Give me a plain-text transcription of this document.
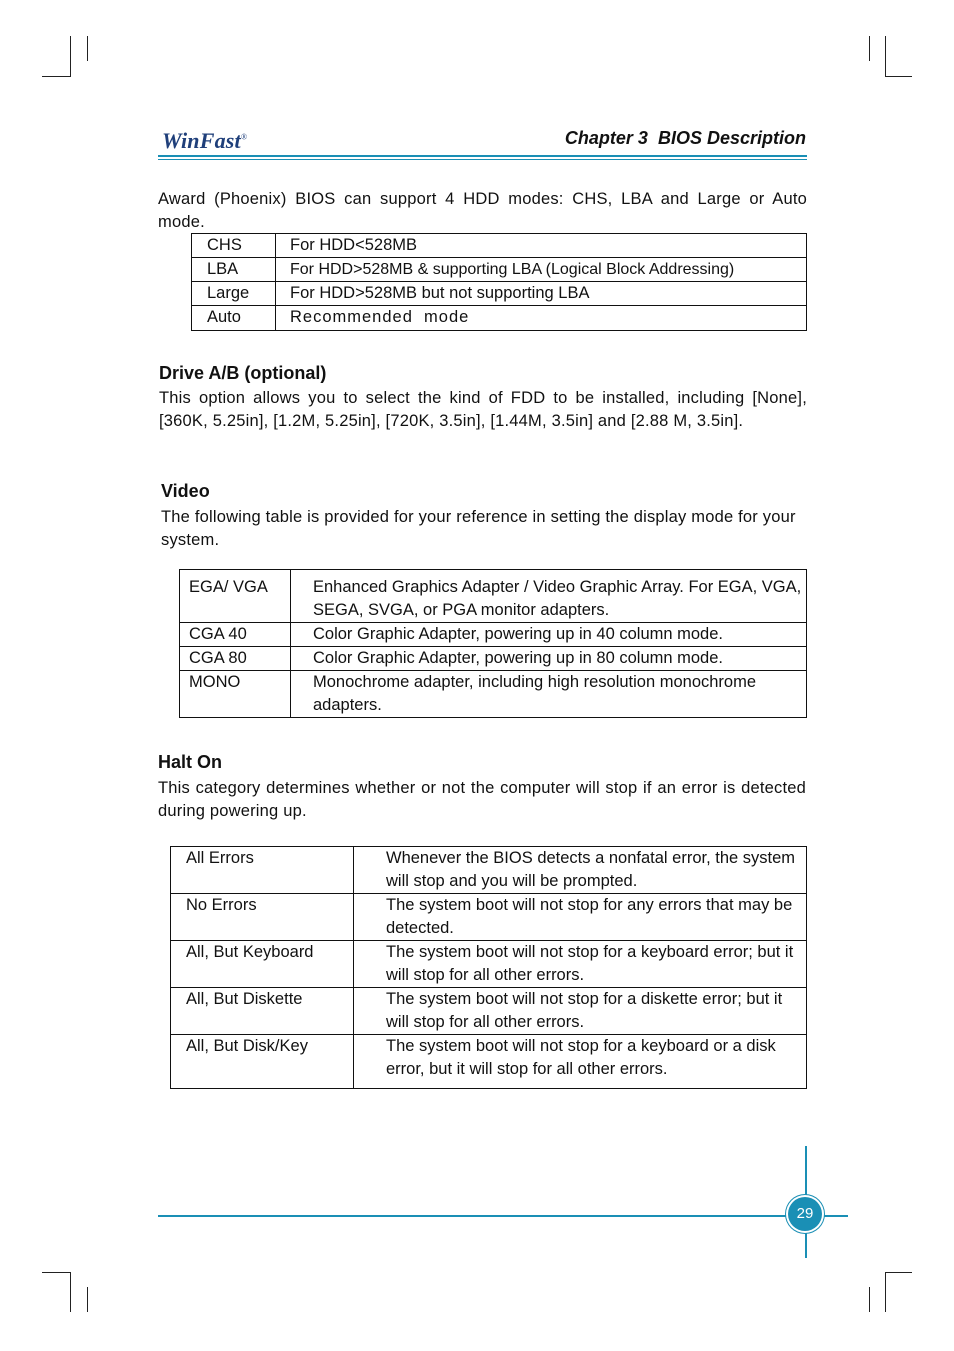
WinFast®	Chapter 3 BIOS Description
Award (Phoenix) BIOS can support 4 HDD modes: CHS, LBA and Large or Auto mode.
CHS	For HDD<528MB
LBA	For HDD>528MB & supporting LBA (Logical Block Addressing)
Large	For HDD>528MB but not supporting LBA
Auto	Recommended  mode
Drive A/B (optional)
This option allows you to select the kind of FDD to be installed, including [None], [360K, 5.25in], [1.2M, 5.25in], [720K, 3.5in], [1.44M, 3.5in] and [2.88 M, 3.5in].
Video
The following table is provided for your reference in setting the display mode for your system.
EGA/ VGA	Enhanced Graphics Adapter / Video Graphic Array. For EGA, VGA, SEGA, SVGA, or PGA monitor adapters.
CGA 40	Color Graphic Adapter, powering up in 40 column mode.
CGA 80	Color Graphic Adapter, powering up in 80 column mode.
MONO	Monochrome adapter, including high resolution monochrome adapters.
Halt On
This category determines whether or not the computer will stop if an error is detected during powering up.
All Errors	Whenever the BIOS detects a nonfatal error, the system will stop and you will be prompted.
No Errors	The system boot will not stop for any errors that may be detected.
All, But Keyboard	The system boot will not stop for a keyboard error; but it will stop for all other errors.
All, But Diskette	The system boot will not stop for a diskette error; but it will stop for all other errors.
All, But Disk/Key	The system boot will not stop for a keyboard or a disk error, but it will stop for all other errors.
29
